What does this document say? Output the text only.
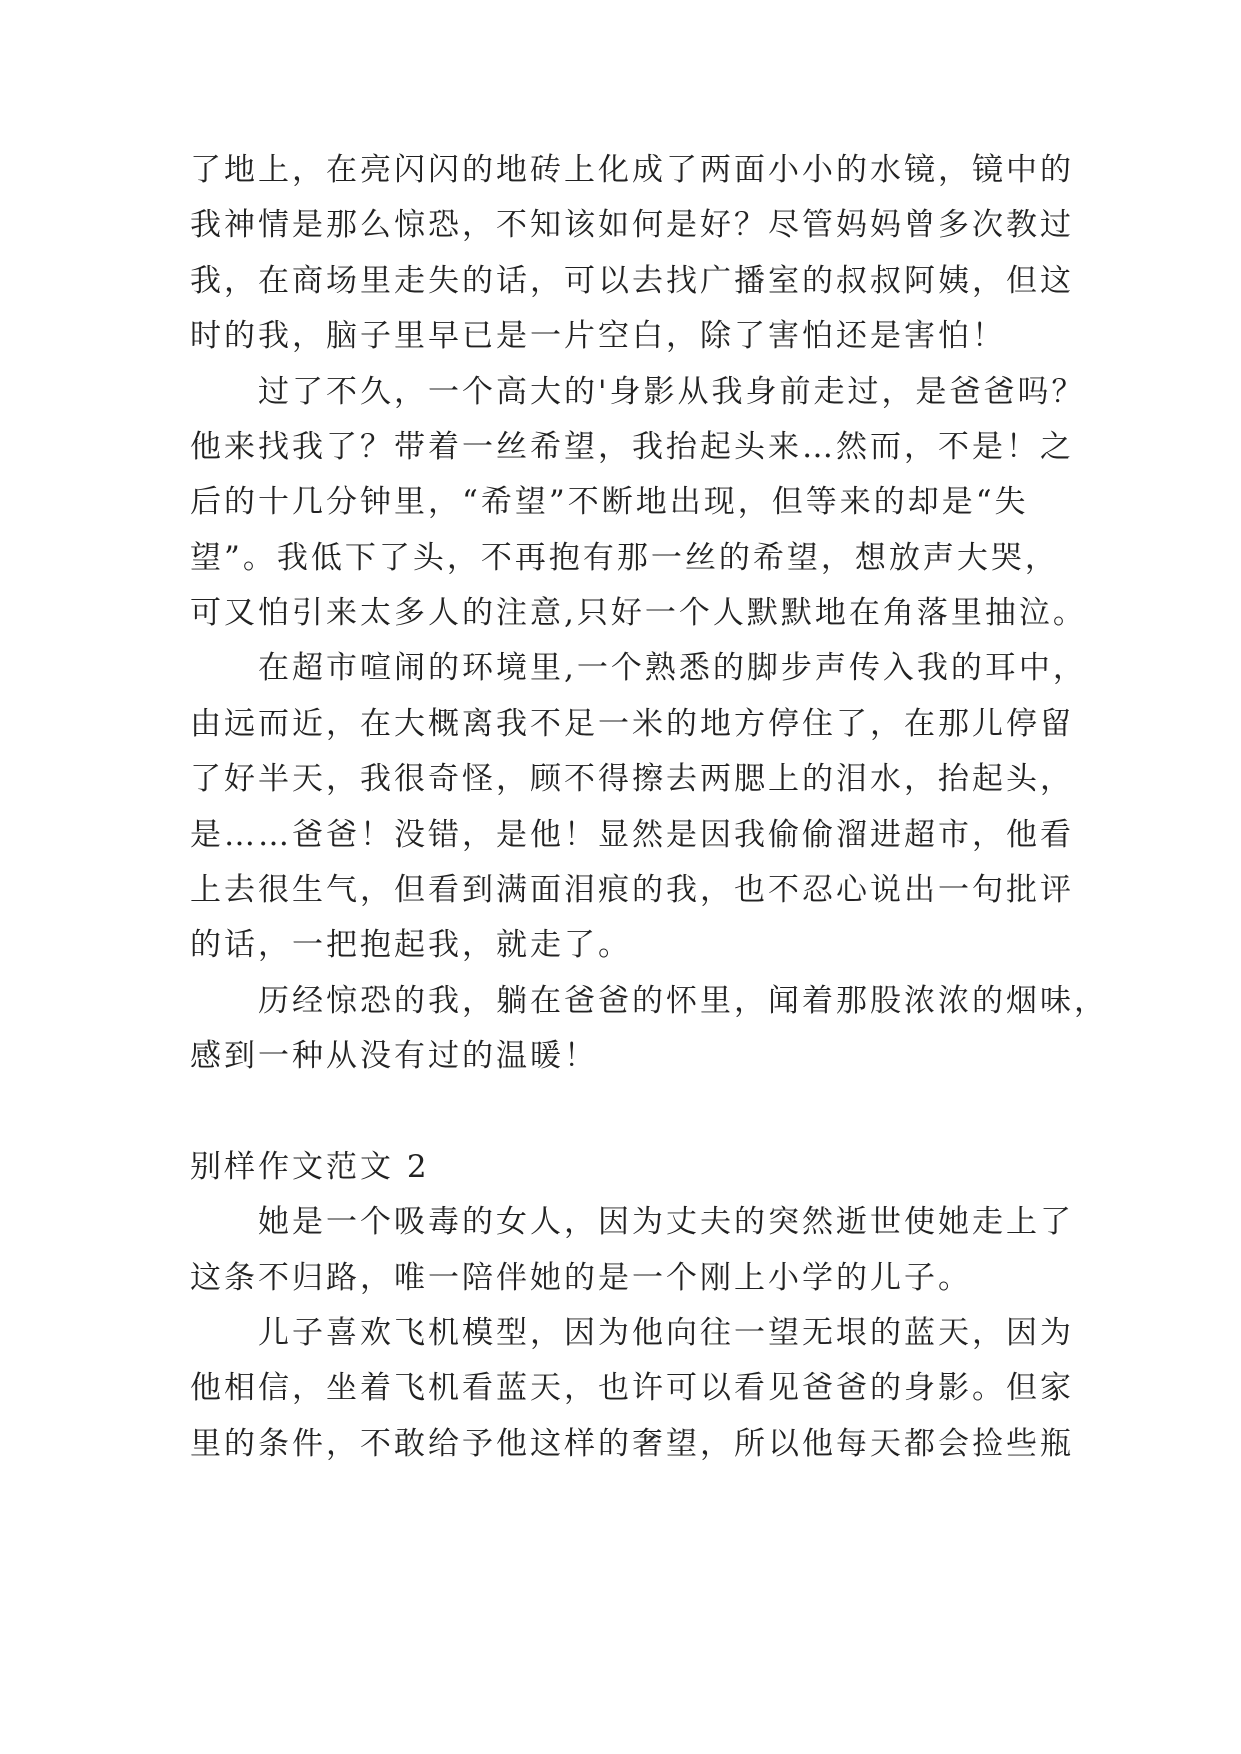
了地上，在亮闪闪的地砖上化成了两面小小的水镜，镜中的

我神情是那么惊恐，不知该如何是好？尽管妈妈曾多次教过

我，在商场里走失的话，可以去找广播室的叔叔阿姨，但这

时的我，脑子里早已是一片空白，除了害怕还是害怕！

　　过了不久，一个高大的'身影从我身前走过，是爸爸吗？

他来找我了？带着一丝希望，我抬起头来…然而，不是！之

后的十几分钟里，“希望”不断地出现，但等来的却是“失

望”。我低下了头，不再抱有那一丝的希望，想放声大哭，

可又怕引来太多人的注意,只好一个人默默地在角落里抽泣。

　　在超市喧闹的环境里,一个熟悉的脚步声传入我的耳中，

由远而近，在大概离我不足一米的地方停住了，在那儿停留

了好半天，我很奇怪，顾不得擦去两腮上的泪水，抬起头，

是……爸爸！没错，是他！显然是因我偷偷溜进超市，他看

上去很生气，但看到满面泪痕的我，也不忍心说出一句批评

的话，一把抱起我，就走了。

　　历经惊恐的我，躺在爸爸的怀里，闻着那股浓浓的烟味，

感到一种从没有过的温暖！

别样作文范文 2

　　她是一个吸毒的女人，因为丈夫的突然逝世使她走上了

这条不归路，唯一陪伴她的是一个刚上小学的儿子。

　　儿子喜欢飞机模型，因为他向往一望无垠的蓝天，因为

他相信，坐着飞机看蓝天，也许可以看见爸爸的身影。但家

里的条件，不敢给予他这样的奢望，所以他每天都会捡些瓶
